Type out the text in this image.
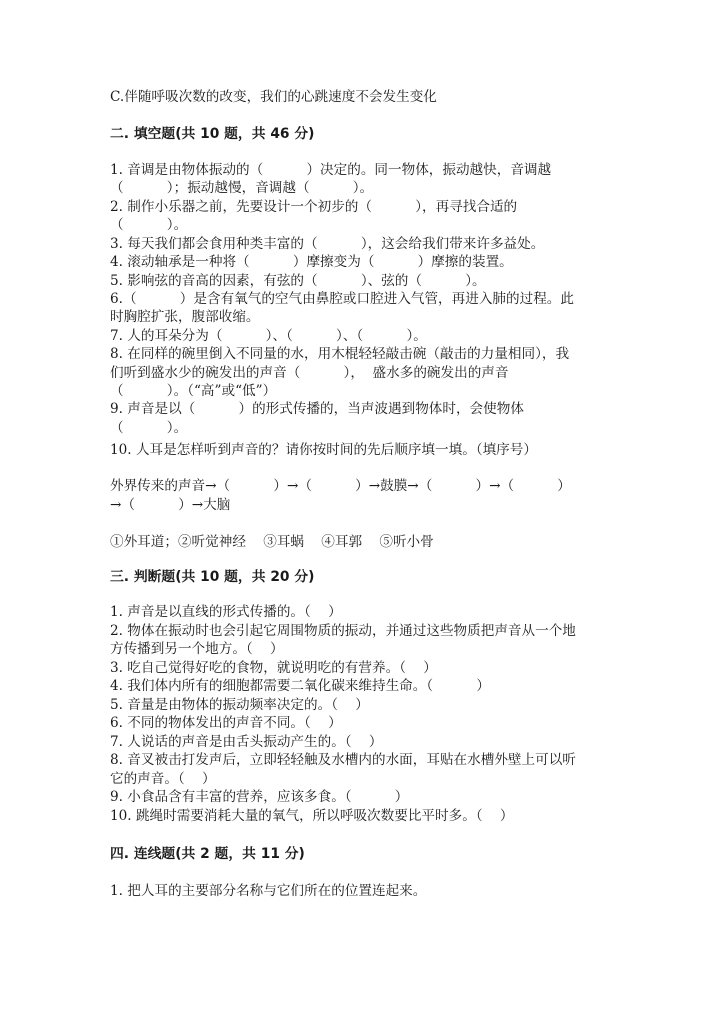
C.伴随呼吸次数的改变，我们的心跳速度不会发生变化
二. 填空题(共 10 题，共 46 分)
1. 音调是由物体振动的（          ）决定的。同一物体，振动越快，音调越
（          ）；振动越慢，音调越（          ）。
2. 制作小乐器之前，先要设计一个初步的（          ），再寻找合适的
（          ）。
3. 每天我们都会食用种类丰富的（          ），这会给我们带来许多益处。
4. 滚动轴承是一种将（          ）摩擦变为（          ）摩擦的装置。
5. 影响弦的音高的因素，有弦的（          ）、弦的（          ）。
6.（          ）是含有氧气的空气由鼻腔或口腔进入气管，再进入肺的过程。此
时胸腔扩张，腹部收缩。
7. 人的耳朵分为（          ）、（          ）、（          ）。
8. 在同样的碗里倒入不同量的水，用木棍轻轻敲击碗（敲击的力量相同），我
们听到盛水少的碗发出的声音（          ），  盛水多的碗发出的声音
（          ）。（“高”或“低”）
9. 声音是以（          ）的形式传播的，当声波遇到物体时，会使物体
（          ）。
10. 人耳是怎样听到声音的？请你按时间的先后顺序填一填。（填序号）
外界传来的声音→（          ）→（          ）→鼓膜→（          ）→（          ）
→（          ）→大脑
①外耳道；②听觉神经    ③耳蜗    ④耳郭    ⑤听小骨
三. 判断题(共 10 题，共 20 分)
1. 声音是以直线的形式传播的。（    ）
2. 物体在振动时也会引起它周围物质的振动，并通过这些物质把声音从一个地
方传播到另一个地方。（    ）
3. 吃自己觉得好吃的食物，就说明吃的有营养。（    ）
4. 我们体内所有的细胞都需要二氧化碳来维持生命。（          ）
5. 音量是由物体的振动频率决定的。（    ）
6. 不同的物体发出的声音不同。（    ）
7. 人说话的声音是由舌头振动产生的。（    ）
8. 音叉被击打发声后，立即轻轻触及水槽内的水面，耳贴在水槽外壁上可以听
它的声音。（    ）
9. 小食品含有丰富的营养，应该多食。（          ）
10. 跳绳时需要消耗大量的氧气，所以呼吸次数要比平时多。（    ）
四. 连线题(共 2 题，共 11 分)
1. 把人耳的主要部分名称与它们所在的位置连起来。
